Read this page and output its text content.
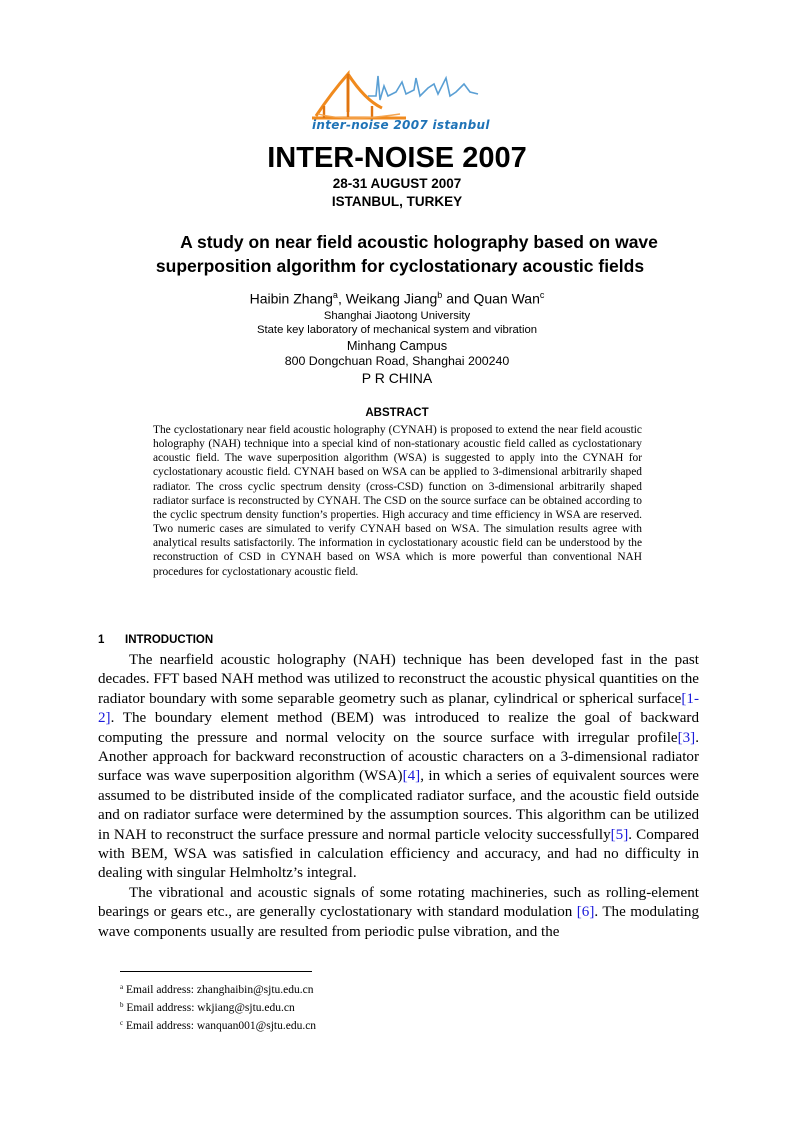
inter-noise 2007 istanbul
INTER-NOISE 2007
28-31 AUGUST 2007
ISTANBUL, TURKEY
A study on near field acoustic holography based on wave
superposition algorithm for cyclostationary acoustic fields
Haibin Zhang$^a$, Weikang Jiang$^b$ and Quan Wan$^c$
Shanghai Jiaotong University
State key laboratory of mechanical system and vibration
Minhang Campus
800 Dongchuan Road, Shanghai 200240
P R CHINA
ABSTRACT

The cyclostationary near field acoustic holography (CYNAH) is proposed to extend the near field acoustic holography (NAH) technique into a special kind of non-stationary acoustic field called as cyclostationary acoustic field. The wave superposition algorithm (WSA) is suggested to apply into the CYNAH for cyclostationary acoustic field. CYNAH based on WSA can be applied to 3-dimensional arbitrarily shaped radiator. The cross cyclic spectrum density (cross-CSD) function on 3-dimensional arbitrarily shaped radiator surface is reconstructed by CYNAH. The CSD on the source surface can be obtained according to the cyclic spectrum density function’s properties. High accuracy and time efficiency in WSA are reserved. Two numeric cases are simulated to verify CYNAH based on WSA. The simulation results agree with analytical results satisfactorily. The information in cyclostationary acoustic field can be understood by the reconstruction of CSD in CYNAH based on WSA which is more powerful than conventional NAH procedures for cyclostationary acoustic field.

1 INTRODUCTION

The nearfield acoustic holography (NAH) technique has been developed fast in the past decades. FFT based NAH method was utilized to reconstruct the acoustic physical quantities on the radiator boundary with some separable geometry such as planar, cylindrical or spherical surface[1-2]. The boundary element method (BEM) was introduced to realize the goal of backward computing the pressure and normal velocity on the source surface with irregular profile[3]. Another approach for backward reconstruction of acoustic characters on a 3-dimensional radiator surface was wave superposition algorithm (WSA)[4], in which a series of equivalent sources were assumed to be distributed inside of the complicated radiator surface, and the acoustic field outside and on radiator surface were determined by the assumption sources. This algorithm can be utilized in NAH to reconstruct the surface pressure and normal particle velocity successfully[5]. Compared with BEM, WSA was satisfied in calculation efficiency and accuracy, and had no difficulty in dealing with singular Helmholtz’s integral.

The vibrational and acoustic signals of some rotating machineries, such as rolling-element bearings or gears etc., are generally cyclostationary with standard modulation [6]. The modulating wave components usually are resulted from periodic pulse vibration, and the

$^a$ Email address: zhanghaibin@sjtu.edu.cn
$^b$ Email address: wkjiang@sjtu.edu.cn
$^c$ Email address: wanquan001@sjtu.edu.cn
